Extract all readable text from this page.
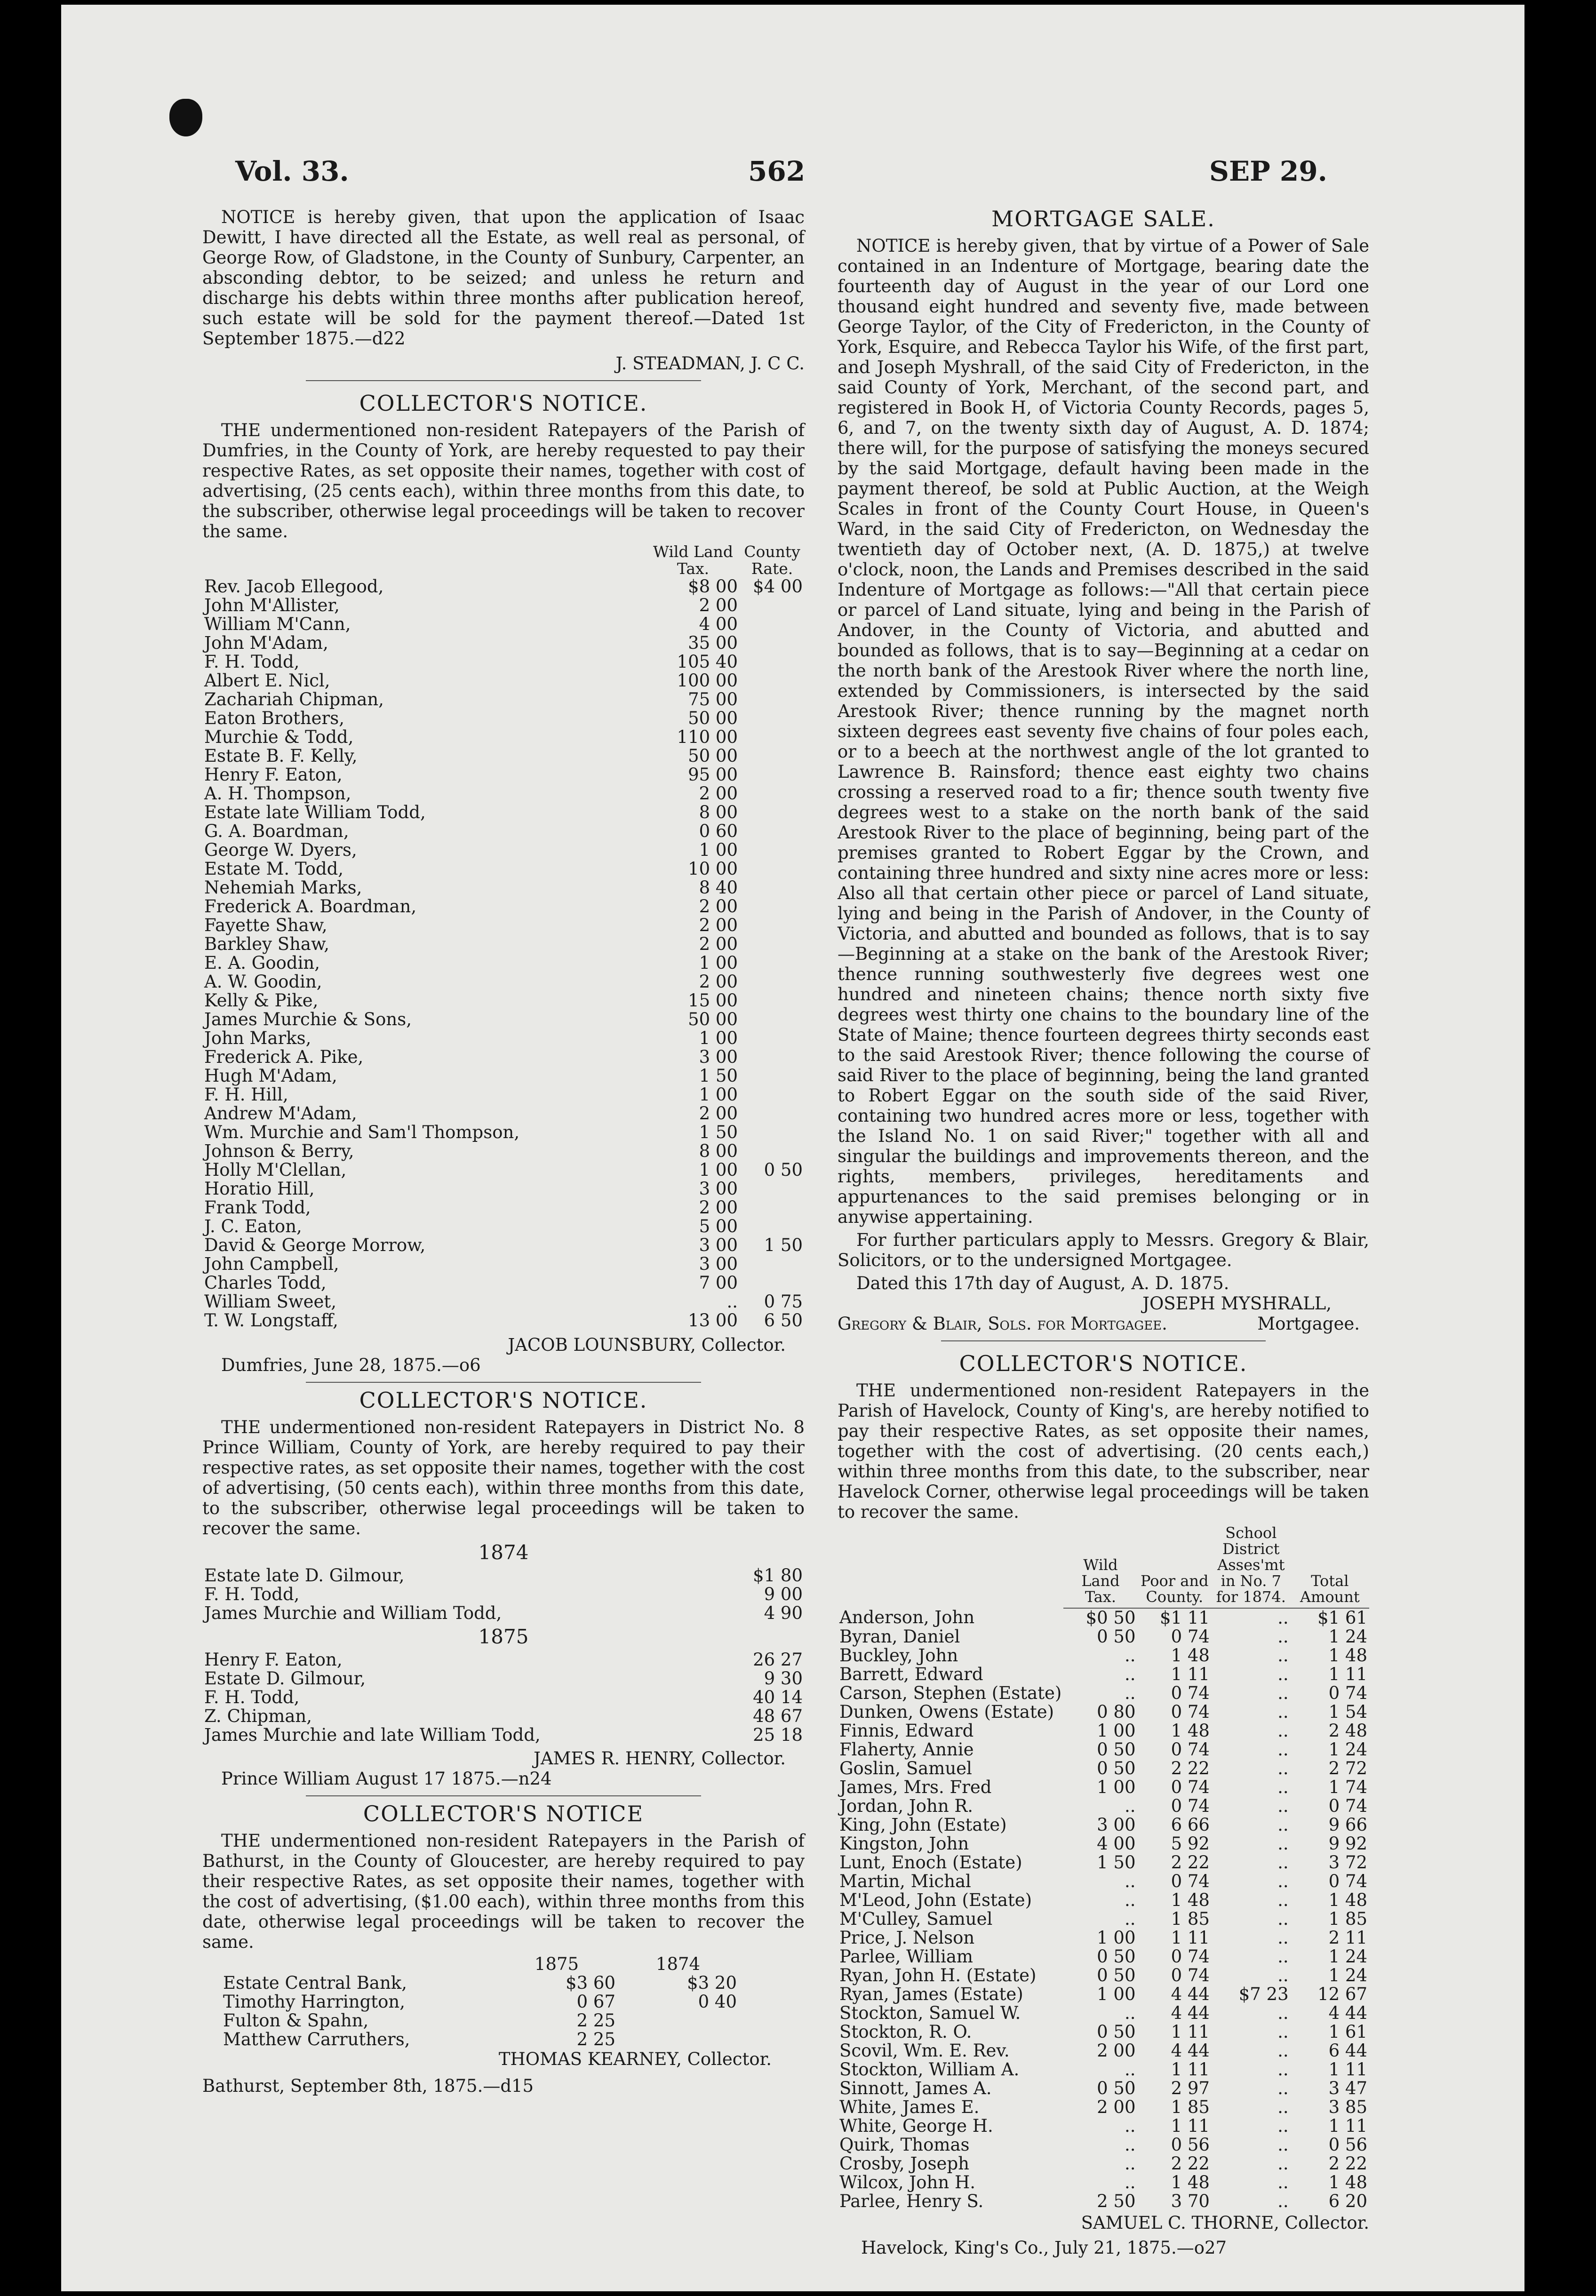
Vol. 33.	562	SEP 29.

NOTICE is hereby given, that upon the application of Isaac Dewitt, I have directed all the Estate, as well real as personal, of George Row, of Gladstone, in the County of Sunbury, Carpenter, an absconding debtor, to be seized; and unless he return and discharge his debts within three months after publication hereof, such estate will be sold for the payment thereof.—Dated 1st September 1875.—d22

J. STEADMAN, J. C C.
COLLECTOR'S NOTICE.

THE undermentioned non-resident Ratepayers of the Parish of Dumfries, in the County of York, are hereby requested to pay their respective Rates, as set opposite their names, together with cost of advertising, (25 cents each), within three months from this date, to the subscriber, otherwise legal proceedings will be taken to recover the same.

	Wild Land Tax.	County Rate.
Rev. Jacob Ellegood,	$8 00	$4 00
John M'Allister,	2 00	
William M'Cann,	4 00	
John M'Adam,	35 00	
F. H. Todd,	105 40	
Albert E. Nicl,	100 00	
Zachariah Chipman,	75 00	
Eaton Brothers,	50 00	
Murchie & Todd,	110 00	
Estate B. F. Kelly,	50 00	
Henry F. Eaton,	95 00	
A. H. Thompson,	2 00	
Estate late William Todd,	8 00	
G. A. Boardman,	0 60	
George W. Dyers,	1 00	
Estate M. Todd,	10 00	
Nehemiah Marks,	8 40	
Frederick A. Boardman,	2 00	
Fayette Shaw,	2 00	
Barkley Shaw,	2 00	
E. A. Goodin,	1 00	
A. W. Goodin,	2 00	
Kelly & Pike,	15 00	
James Murchie & Sons,	50 00	
John Marks,	1 00	
Frederick A. Pike,	3 00	
Hugh M'Adam,	1 50	
F. H. Hill,	1 00	
Andrew M'Adam,	2 00	
Wm. Murchie and Sam'l Thompson,	1 50	
Johnson & Berry,	8 00	
Holly M'Clellan,	1 00	0 50
Horatio Hill,	3 00	
Frank Todd,	2 00	
J. C. Eaton,	5 00	
David & George Morrow,	3 00	1 50
John Campbell,	3 00	
Charles Todd,	7 00	
William Sweet,	..	0 75
T. W. Longstaff,	13 00	6 50
JACOB LOUNSBURY, Collector.
Dumfries, June 28, 1875.—o6
COLLECTOR'S NOTICE.

THE undermentioned non-resident Ratepayers in District No. 8 Prince William, County of York, are hereby required to pay their respective rates, as set opposite their names, together with the cost of advertising, (50 cents each), within three months from this date, to the subscriber, otherwise legal proceedings will be taken to recover the same.

1874
Estate late D. Gilmour,	$1 80
F. H. Todd,	9 00
James Murchie and William Todd,	4 90
1875
Henry F. Eaton,	26 27
Estate D. Gilmour,	9 30
F. H. Todd,	40 14
Z. Chipman,	48 67
James Murchie and late William Todd,	25 18
JAMES R. HENRY, Collector.
Prince William August 17 1875.—n24
COLLECTOR'S NOTICE

THE undermentioned non-resident Ratepayers in the Parish of Bathurst, in the County of Gloucester, are hereby required to pay their respective Rates, as set opposite their names, together with the cost of advertising, ($1.00 each), within three months from this date, otherwise legal proceedings will be taken to recover the same.

	1875	1874
Estate Central Bank,	$3 60	$3 20
Timothy Harrington,	0 67	0 40
Fulton & Spahn,	2 25	
Matthew Carruthers,	2 25	
THOMAS KEARNEY, Collector.
Bathurst, September 8th, 1875.—d15
MORTGAGE SALE.

NOTICE is hereby given, that by virtue of a Power of Sale contained in an Indenture of Mortgage, bearing date the fourteenth day of August in the year of our Lord one thousand eight hundred and seventy five, made between George Taylor, of the City of Fredericton, in the County of York, Esquire, and Rebecca Taylor his Wife, of the first part, and Joseph Myshrall, of the said City of Fredericton, in the said County of York, Merchant, of the second part, and registered in Book H, of Victoria County Records, pages 5, 6, and 7, on the twenty sixth day of August, A. D. 1874; there will, for the purpose of satisfying the moneys secured by the said Mortgage, default having been made in the payment thereof, be sold at Public Auction, at the Weigh Scales in front of the County Court House, in Queen's Ward, in the said City of Fredericton, on Wednesday the twentieth day of October next, (A. D. 1875,) at twelve o'clock, noon, the Lands and Premises described in the said Indenture of Mortgage as follows:—"All that certain piece or parcel of Land situate, lying and being in the Parish of Andover, in the County of Victoria, and abutted and bounded as follows, that is to say—Beginning at a cedar on the north bank of the Arestook River where the north line, extended by Commissioners, is intersected by the said Arestook River; thence running by the magnet north sixteen degrees east seventy five chains of four poles each, or to a beech at the northwest angle of the lot granted to Lawrence B. Rainsford; thence east eighty two chains crossing a reserved road to a fir; thence south twenty five degrees west to a stake on the north bank of the said Arestook River to the place of beginning, being part of the premises granted to Robert Eggar by the Crown, and containing three hundred and sixty nine acres more or less: Also all that certain other piece or parcel of Land situate, lying and being in the Parish of Andover, in the County of Victoria, and abutted and bounded as follows, that is to say—Beginning at a stake on the bank of the Arestook River; thence running southwesterly five degrees west one hundred and nineteen chains; thence north sixty five degrees west thirty one chains to the boundary line of the State of Maine; thence fourteen degrees thirty seconds east to the said Arestook River; thence following the course of said River to the place of beginning, being the land granted to Robert Eggar on the south side of the said River, containing two hundred acres more or less, together with the Island No. 1 on said River;" together with all and singular the buildings and improvements thereon, and the rights, members, privileges, hereditaments and appurtenances to the said premises belonging or in anywise appertaining.

For further particulars apply to Messrs. Gregory & Blair, Solicitors, or to the undersigned Mortgagee.

Dated this 17th day of August, A. D. 1875.
JOSEPH MYSHRALL,
Gregory & Blair, Sols. for Mortgagee.	Mortgagee.
COLLECTOR'S NOTICE.

THE undermentioned non-resident Ratepayers in the Parish of Havelock, County of King's, are hereby notified to pay their respective Rates, as set opposite their names, together with the cost of advertising. (20 cents each,) within three months from this date, to the subscriber, near Havelock Corner, otherwise legal proceedings will be taken to recover the same.

	Wild Land Tax.	Poor and County.	School District Asses'mt in No. 7 for 1874.	Total Amount
Anderson, John	$0 50	$1 11	..	$1 61
Byran, Daniel	0 50	0 74	..	1 24
Buckley, John	..	1 48	..	1 48
Barrett, Edward	..	1 11	..	1 11
Carson, Stephen (Estate)	..	0 74	..	0 74
Dunken, Owens (Estate)	0 80	0 74	..	1 54
Finnis, Edward	1 00	1 48	..	2 48
Flaherty, Annie	0 50	0 74	..	1 24
Goslin, Samuel	0 50	2 22	..	2 72
James, Mrs. Fred	1 00	0 74	..	1 74
Jordan, John R.	..	0 74	..	0 74
King, John (Estate)	3 00	6 66	..	9 66
Kingston, John	4 00	5 92	..	9 92
Lunt, Enoch (Estate)	1 50	2 22	..	3 72
Martin, Michal	..	0 74	..	0 74
M'Leod, John (Estate)	..	1 48	..	1 48
M'Culley, Samuel	..	1 85	..	1 85
Price, J. Nelson	1 00	1 11	..	2 11
Parlee, William	0 50	0 74	..	1 24
Ryan, John H. (Estate)	0 50	0 74	..	1 24
Ryan, James (Estate)	1 00	4 44	$7 23	12 67
Stockton, Samuel W.	..	4 44	..	4 44
Stockton, R. O.	0 50	1 11	..	1 61
Scovil, Wm. E. Rev.	2 00	4 44	..	6 44
Stockton, William A.	..	1 11	..	1 11
Sinnott, James A.	0 50	2 97	..	3 47
White, James E.	2 00	1 85	..	3 85
White, George H.	..	1 11	..	1 11
Quirk, Thomas	..	0 56	..	0 56
Crosby, Joseph	..	2 22	..	2 22
Wilcox, John H.	..	1 48	..	1 48
Parlee, Henry S.	2 50	3 70	..	6 20
SAMUEL C. THORNE, Collector.
Havelock, King's Co., July 21, 1875.—o27
